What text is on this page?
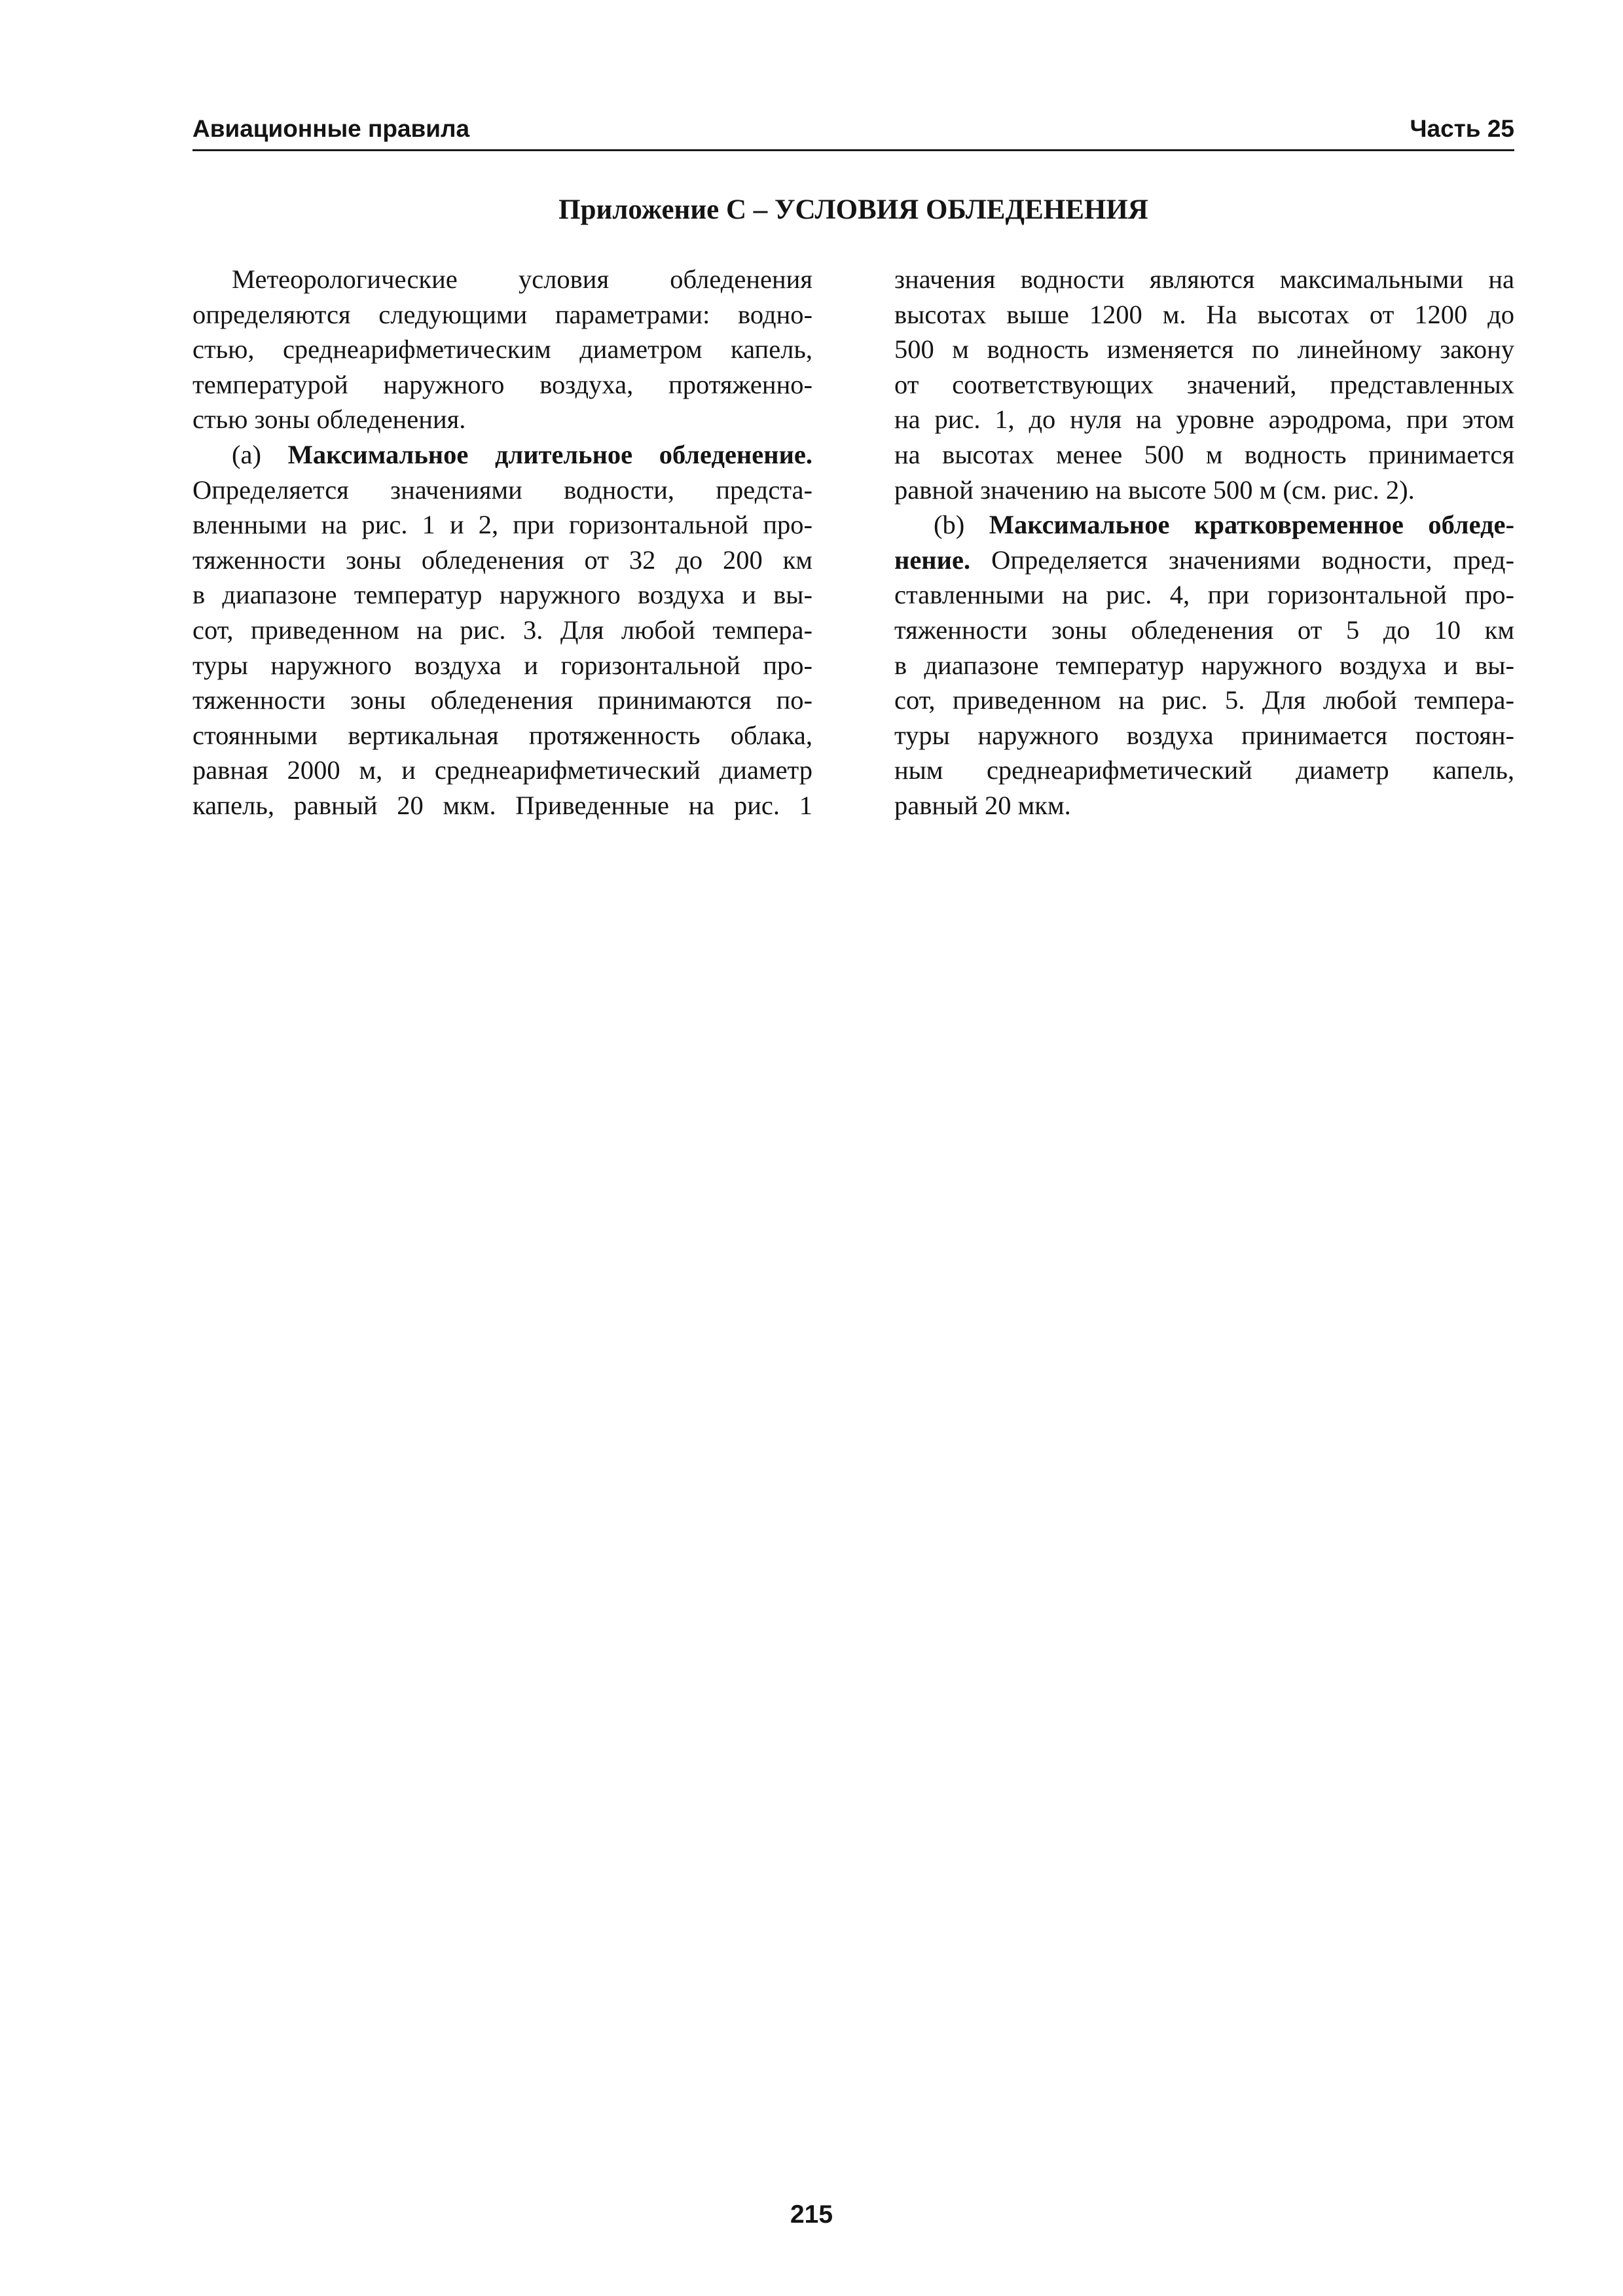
Авиационные правила	Часть 25
Приложение С – УСЛОВИЯ ОБЛЕДЕНЕНИЯ
Метеорологические условия обледенения
определяются следующими параметрами: водно-
стью, среднеарифметическим диаметром капель,
температурой наружного воздуха, протяженно-
стью зоны обледенения.
(a) Максимальное длительное обледенение.
Определяется значениями водности, предста-
вленными на рис. 1 и 2, при горизонтальной про-
тяженности зоны обледенения от 32 до 200 км
в диапазоне температур наружного воздуха и вы-
сот, приведенном на рис. 3. Для любой темпера-
туры наружного воздуха и горизонтальной про-
тяженности зоны обледенения принимаются по-
стоянными вертикальная протяженность облака,
равная 2000 м, и среднеарифметический диаметр
капель, равный 20 мкм. Приведенные на рис. 1
значения водности являются максимальными на
высотах выше 1200 м. На высотах от 1200 до
500 м водность изменяется по линейному закону
от соответствующих значений, представленных
на рис. 1, до нуля на уровне аэродрома, при этом
на высотах менее 500 м водность принимается
равной значению на высоте 500 м (см. рис. 2).
(b) Максимальное кратковременное обледе-
нение. Определяется значениями водности, пред-
ставленными на рис. 4, при горизонтальной про-
тяженности зоны обледенения от 5 до 10 км
в диапазоне температур наружного воздуха и вы-
сот, приведенном на рис. 5. Для любой темпера-
туры наружного воздуха принимается постоян-
ным среднеарифметический диаметр капель,
равный 20 мкм.
215
